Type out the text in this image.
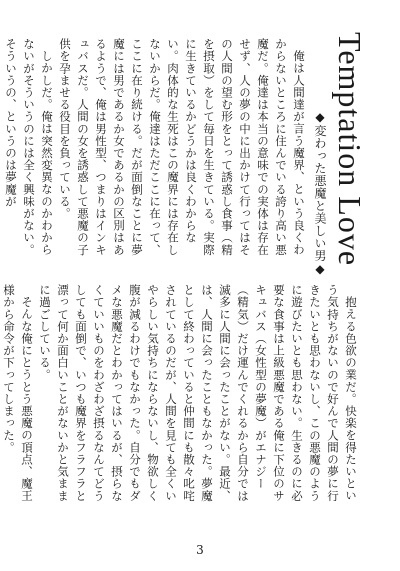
Temptation Love
◆変わった悪魔と美しい男◆

俺は人間達が言う魔界、という良くわからないところに住んでいる誇り高い悪魔だ。俺達は本当の意味での実体は存在せず、人の夢の中に出かけて行ってはその人間の望む形をとって誘惑し食事（精を摂取）をして毎日を生きている。実際に生きているかどうかは良くわからない。肉体的な生死はこの魔界には存在しないからだ。俺達はただここに在って、ここに在り続ける。だが面倒なことに夢魔には男であるか女であるかの区別はあるようで、俺は男性型、つまりはインキュバスだ。人間の女を誘惑して悪魔の子供を孕ませる役目を負っている。

しかしだ。俺は突然変異なのかわからないがそういうのには全く興味がない。そういうの、というのは夢魔が

抱える色欲の業だ。快楽を得たいという気持ちがないので好んで人間の夢に行きたいとも思わないし、この悪魔のように遊びたいとも思わない。生きるのに必要な食事は上級悪魔である俺に下位のサキュバス（女性型の夢魔）がエナジー（精気）だけ運んでくれるから自分では滅多に人間に会ったことがない。最近、は、人間に会ったこともなかった。夢魔として終わっていると仲間にも散々叱咤されているのだが、人間を見ても全くいやらしい気持ちにならないし、物欲しく腹が減るわけでもなかった。自分でもダメな悪魔だとわかってはいるが、摂らなくていいものをわざわざ摂るなんてどうしても面倒で、いつも魔界をフラフラと漂って何か面白いことがないかと気ままに過ごしている。

そんな俺にとうとう悪魔の頂点、魔王様から命令が下ってしまった。

3
